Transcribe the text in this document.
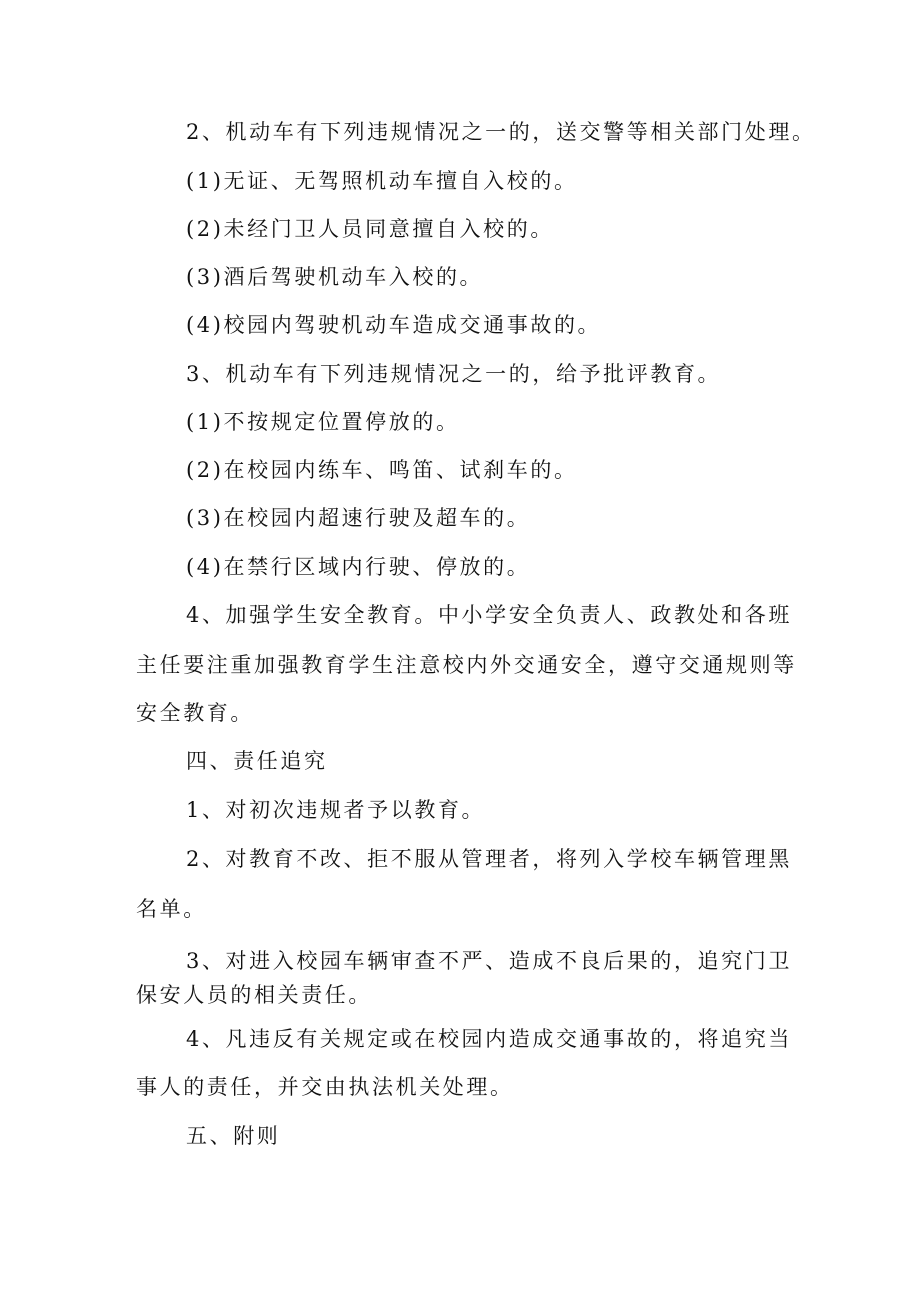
2、机动车有下列违规情况之一的，送交警等相关部门处理。

(1)无证、无驾照机动车擅自入校的。

(2)未经门卫人员同意擅自入校的。

(3)酒后驾驶机动车入校的。

(4)校园内驾驶机动车造成交通事故的。

3、机动车有下列违规情况之一的，给予批评教育。

(1)不按规定位置停放的。

(2)在校园内练车、鸣笛、试刹车的。

(3)在校园内超速行驶及超车的。

(4)在禁行区域内行驶、停放的。

4、加强学生安全教育。中小学安全负责人、政教处和各班

主任要注重加强教育学生注意校内外交通安全，遵守交通规则等

安全教育。

四、责任追究

1、对初次违规者予以教育。

2、对教育不改、拒不服从管理者，将列入学校车辆管理黑

名单。

3、对进入校园车辆审查不严、造成不良后果的，追究门卫

保安人员的相关责任。

4、凡违反有关规定或在校园内造成交通事故的，将追究当

事人的责任，并交由执法机关处理。

五、附则
